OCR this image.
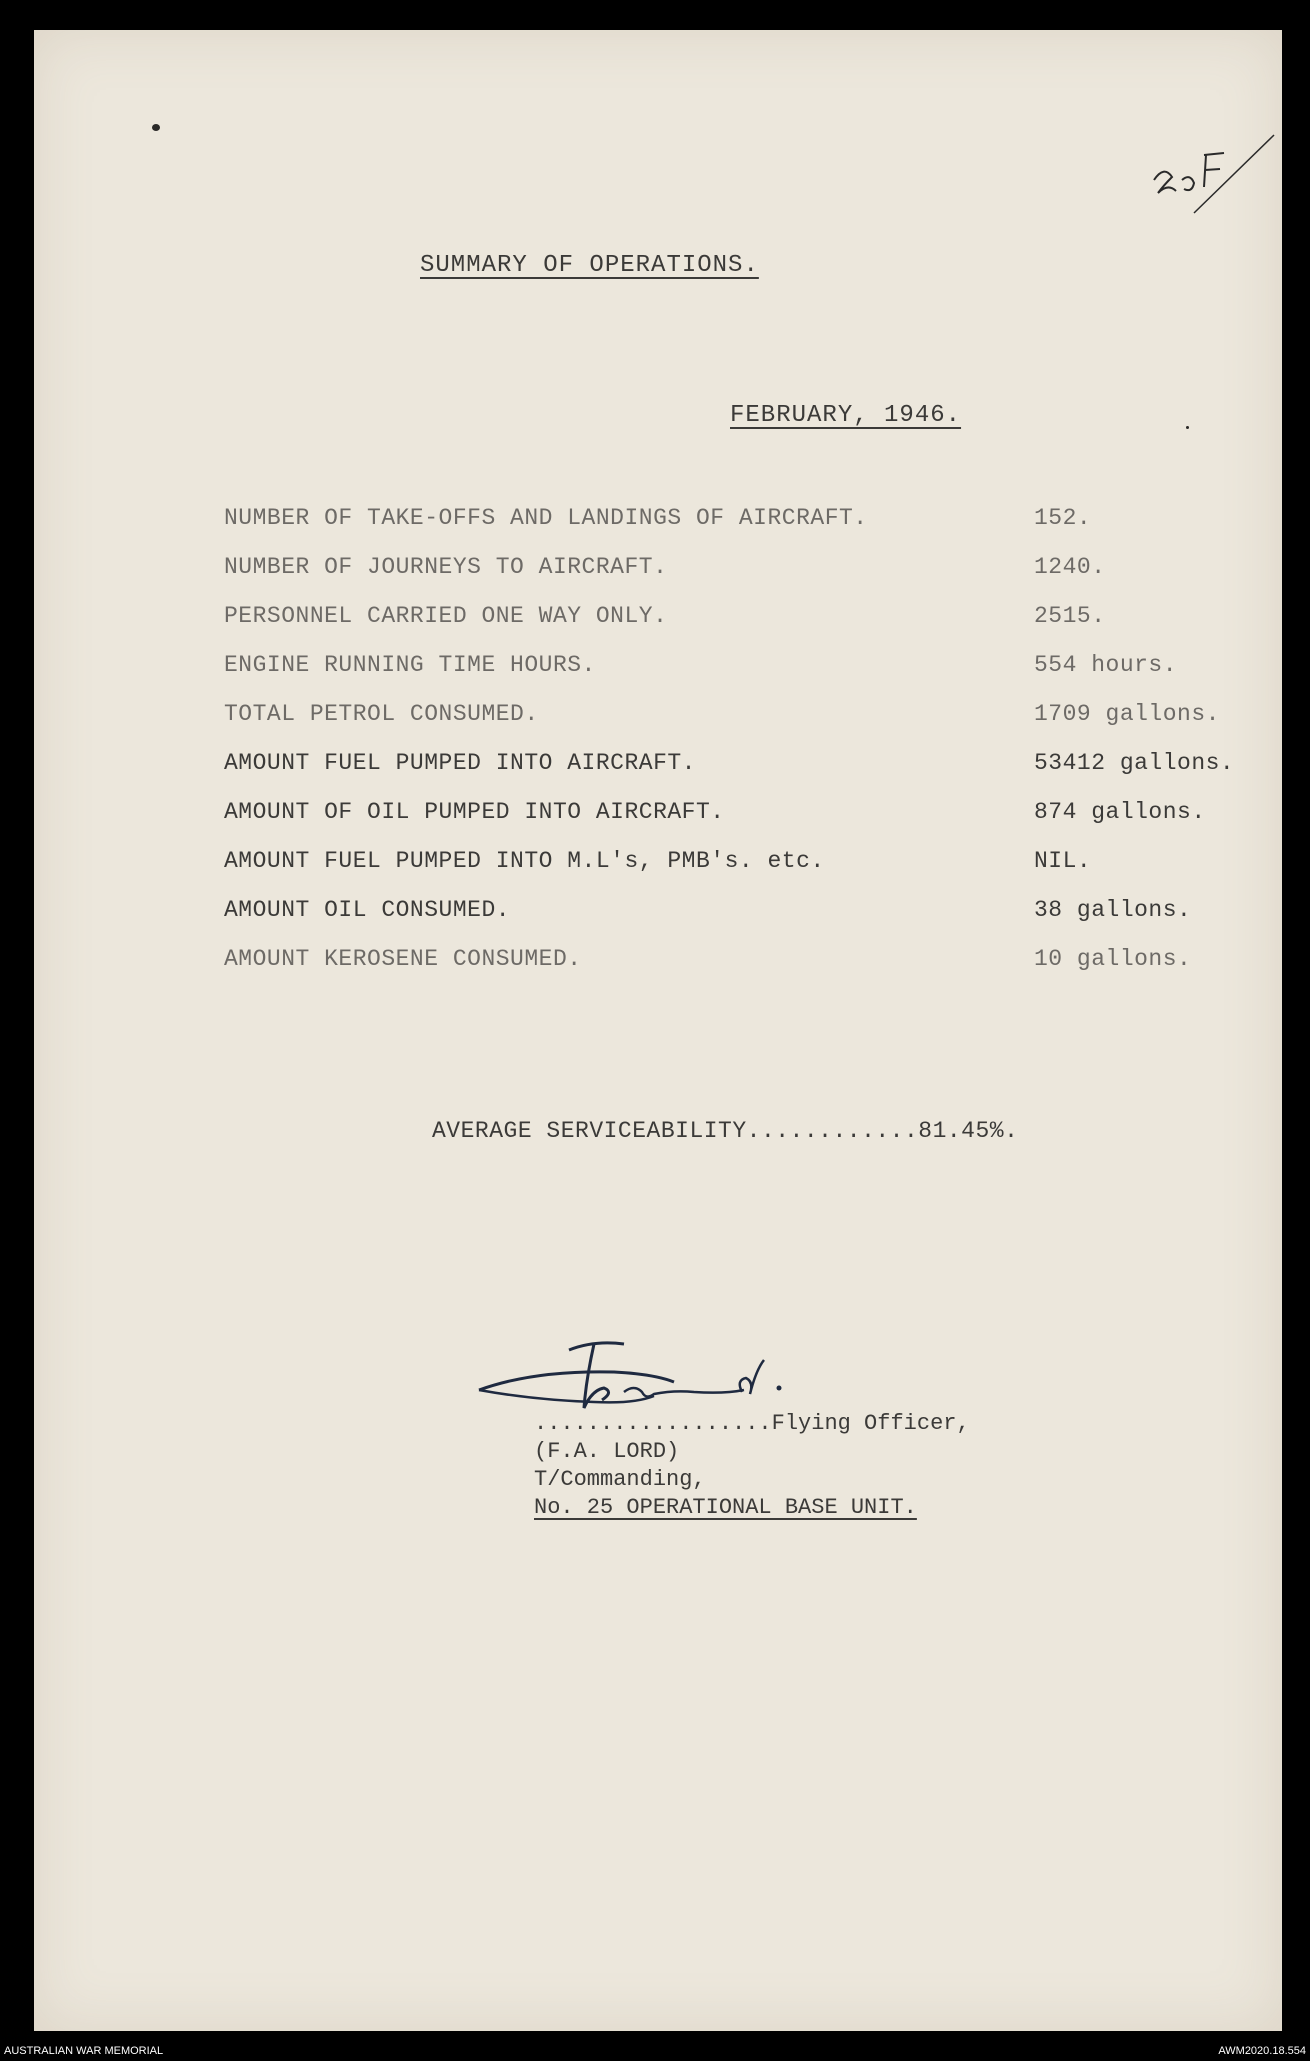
SUMMARY OF OPERATIONS.
FEBRUARY, 1946.
NUMBER OF TAKE-OFFS AND LANDINGS OF AIRCRAFT.	152.
NUMBER OF JOURNEYS TO AIRCRAFT.	1240.
PERSONNEL CARRIED ONE WAY ONLY.	2515.
ENGINE RUNNING TIME HOURS.	554 hours.
TOTAL PETROL CONSUMED.	1709 gallons.
AMOUNT FUEL PUMPED INTO AIRCRAFT.	53412 gallons.
AMOUNT OF OIL PUMPED INTO AIRCRAFT.	874 gallons.
AMOUNT FUEL PUMPED INTO M.L's, PMB's. etc.	NIL.
AMOUNT OIL CONSUMED.	38 gallons.
AMOUNT KEROSENE CONSUMED.	10 gallons.
AVERAGE SERVICEABILITY............81.45%.
..................Flying Officer,
(F.A. LORD)
T/Commanding,
No. 25 OPERATIONAL BASE UNIT.
AUSTRALIAN WAR MEMORIAL	AWM2020.18.554
